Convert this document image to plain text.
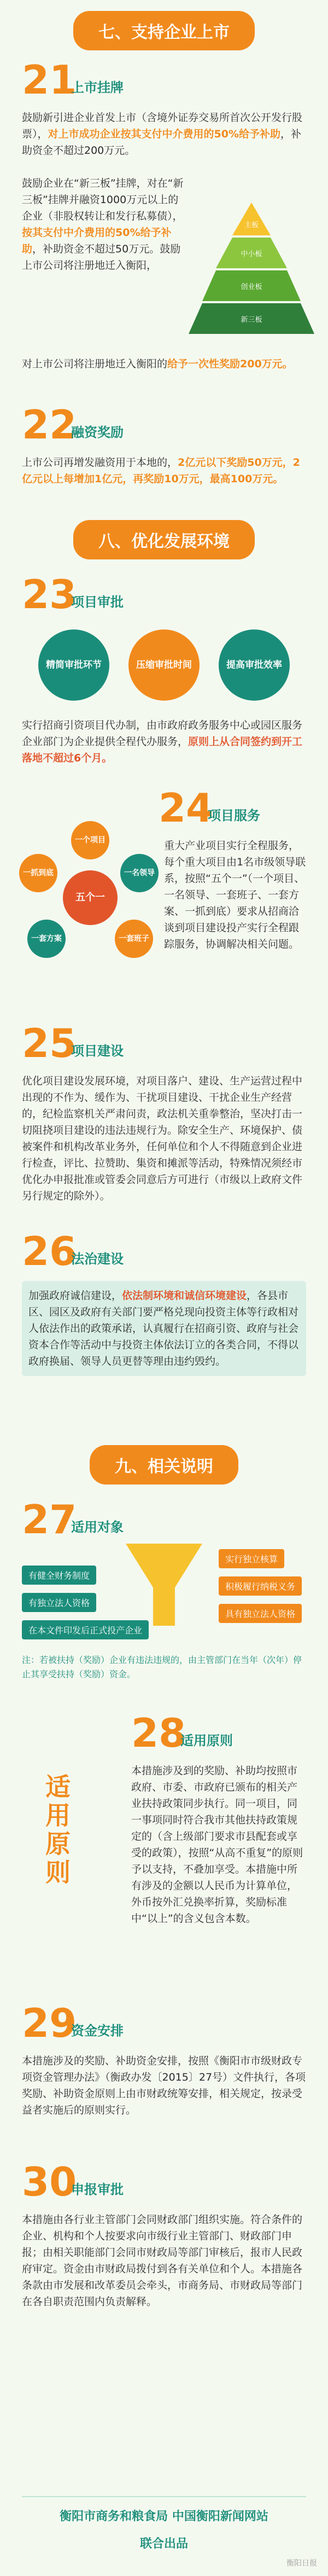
七、支持企业上市
21
上市挂牌
鼓励新引进企业首发上市（含境外证券交易所首次公开发行股票），对上市成功企业按其支付中介费用的50%给予补助，补助资金不超过200万元。
鼓励企业在“新三板”挂牌，对在“新三板”挂牌并融资1000万元以上的企业（非股权转让和发行私募债），按其支付中介费用的50%给予补助，补助资金不超过50万元。鼓励上市公司将注册地迁入衡阳，
对上市公司将注册地迁入衡阳的给予一次性奖励200万元。
主板
中小板
创业板
新三板
22
融资奖励
上市公司再增发融资用于本地的，2亿元以下奖励50万元，2亿元以上每增加1亿元，再奖励10万元，最高100万元。
八、优化发展环境
23
项目审批
精简审批环节	压缩审批时间	提高审批效率
实行招商引资项目代办制，由市政府政务服务中心或园区服务企业部门为企业提供全程代办服务，原则上从合同签约到开工落地不超过6个月。
24
项目服务
五个一
一个项目
一名领导
一套班子
一套方案
一抓到底
重大产业项目实行全程服务，每个重大项目由1名市级领导联系，按照“五个一”（一个项目、一名领导、一套班子、一套方案、一抓到底）要求从招商洽谈到项目建设投产实行全程跟踪服务，协调解决相关问题。
25
项目建设
优化项目建设发展环境，对项目落户、建设、生产运营过程中出现的不作为、缓作为、干扰项目建设、干扰企业生产经营的，纪检监察机关严肃问责，政法机关重拳整治，坚决打击一切阻挠项目建设的违法违规行为。除安全生产、环境保护、债被案件和机构改革业务外，任何单位和个人不得随意到企业进行检查，评比、拉赞助、集资和摊派等活动，特殊情况须经市优化办申报批准或管委会同意后方可进行（市级以上政府文件另行规定的除外）。
26
法治建设
加强政府诚信建设，依法制环境和诚信环境建设，各县市区、园区及政府有关部门要严格兑现向投资主体等行政相对人依法作出的政策承诺，认真履行在招商引资、政府与社会资本合作等活动中与投资主体依法订立的各类合同，不得以政府换届、领导人员更替等理由违约毁约。
九、相关说明
27
适用对象
有健全财务制度
有独立法人资格
在本文件印发后正式投产企业
实行独立核算
积极履行纳税义务
具有独立法人资格
注：若被扶持（奖励）企业有违法违规的，由主管部门在当年（次年）停止其享受扶持（奖励）资金。
28
适用原则
适用原则
本措施涉及到的奖励、补助均按照市政府、市委、市政府已颁布的相关产业扶持政策同步执行。同一项目，同一事项同时符合我市其他扶持政策规定的（含上级部门要求市县配套或享受的政策），按照“从高不重复”的原则予以支持，不叠加享受。本措施中所有涉及的金额以人民币为计算单位，外币按外汇兑换率折算，奖励标准中“以上”的含义包含本数。
29
资金安排
本措施涉及的奖励、补助资金安排，按照《衡阳市市级财政专项资金管理办法》（衡政办发〔2015〕27号）文件执行，各项奖励、补助资金原则上由市财政统筹安排，相关规定，按录受益者实施后的原则实行。
30
申报审批
本措施由各行业主管部门会同财政部门组织实施。符合条件的企业、机构和个人按要求向市级行业主管部门、财政部门申报；由相关职能部门会同市财政局等部门审核后，报市人民政府审定。资金由市财政局拨付到各有关单位和个人。本措施各条款由市发展和改革委员会牵头，市商务局、市财政局等部门在各自职责范围内负责解释。
衡阳市商务和粮食局 中国衡阳新闻网站
联合出品
衡阳日报
